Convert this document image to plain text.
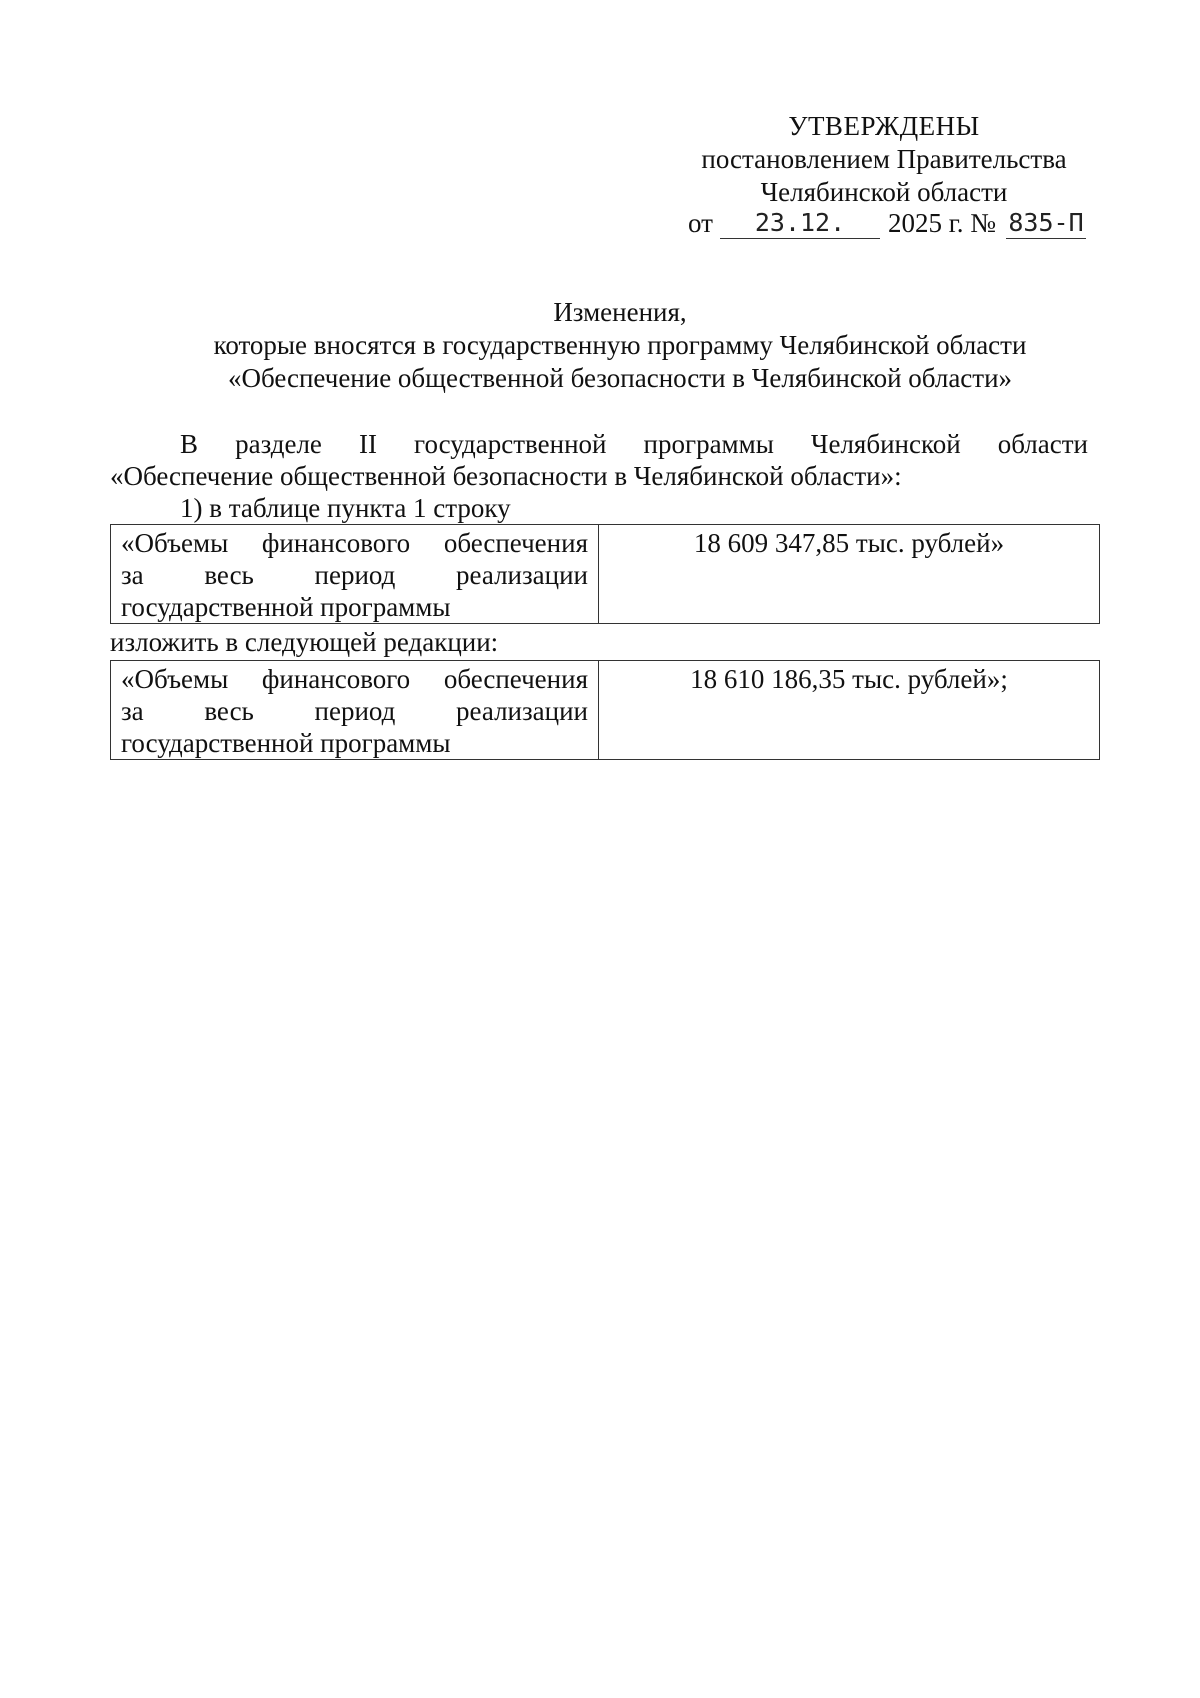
УТВЕРЖДЕНЫ
постановлением Правительства
Челябинской области
от	23.12.	2025 г. № 835-П
Изменения,
которые вносятся в государственную программу Челябинской области
«Обеспечение общественной безопасности в Челябинской области»
В разделе II государственной программы Челябинской области
«Обеспечение общественной безопасности в Челябинской области»:
1) в таблице пункта 1 строку
«Объемы финансового обеспечения
за весь период реализации
государственной программы
	18 609 347,85 тыс. рублей»
изложить в следующей редакции:
«Объемы финансового обеспечения
за весь период реализации
государственной программы
	18 610 186,35 тыс. рублей»;
